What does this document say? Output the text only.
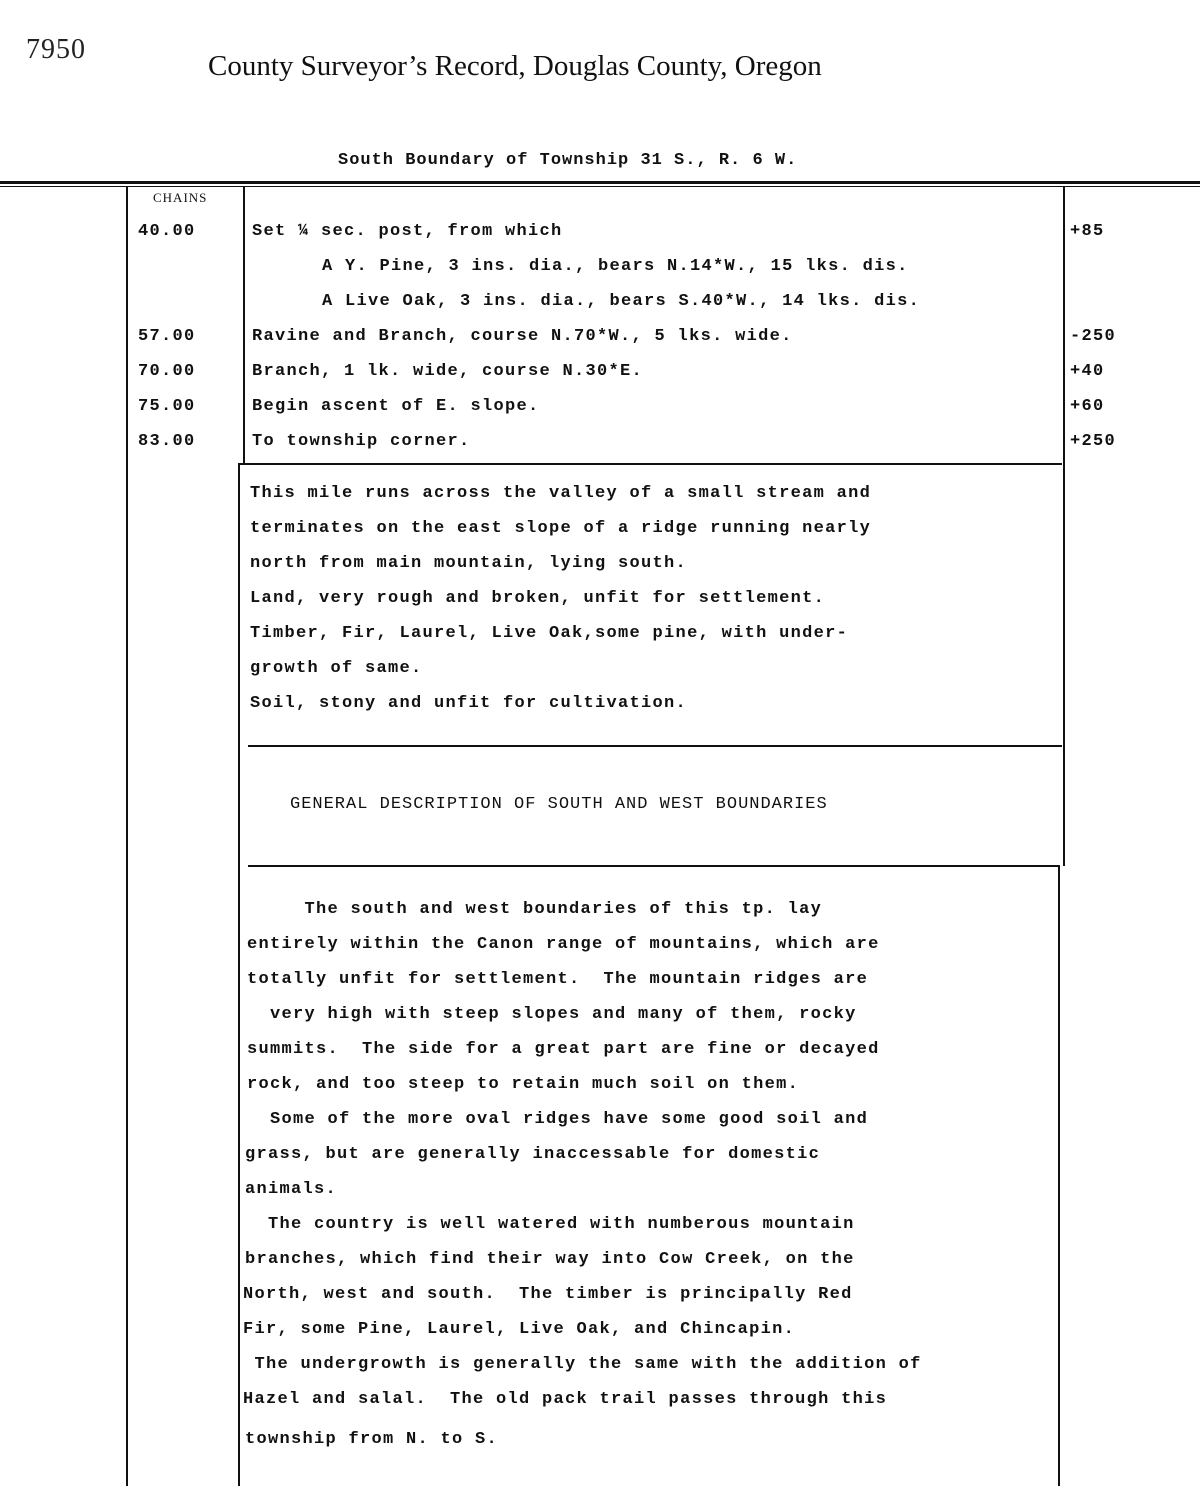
7950
County Surveyor’s Record, Douglas County, Oregon
South Boundary of Township 31 S., R. 6 W.
CHAINS
40.00	Set ¼ sec. post, from which	+85
A Y. Pine, 3 ins. dia., bears N.14*W., 15 lks. dis.
A Live Oak, 3 ins. dia., bears S.40*W., 14 lks. dis.
57.00	Ravine and Branch, course N.70*W., 5 lks. wide.	-250
70.00	Branch, 1 lk. wide, course N.30*E.	+40
75.00	Begin ascent of E. slope.	+60
83.00	To township corner.	+250
This mile runs across the valley of a small stream and
terminates on the east slope of a ridge running nearly
north from main mountain, lying south.
Land, very rough and broken, unfit for settlement.
Timber, Fir, Laurel, Live Oak,some pine, with under-
growth of same.
Soil, stony and unfit for cultivation.
GENERAL DESCRIPTION OF SOUTH AND WEST BOUNDARIES
The south and west boundaries of this tp. lay
entirely within the Canon range of mountains, which are
totally unfit for settlement.  The mountain ridges are
very high with steep slopes and many of them, rocky
summits.  The side for a great part are fine or decayed
rock, and too steep to retain much soil on them.
Some of the more oval ridges have some good soil and
grass, but are generally inaccessable for domestic
animals.
The country is well watered with numberous mountain
branches, which find their way into Cow Creek, on the
North, west and south.  The timber is principally Red
Fir, some Pine, Laurel, Live Oak, and Chincapin.
The undergrowth is generally the same with the addition of
Hazel and salal.  The old pack trail passes through this
township from N. to S.
